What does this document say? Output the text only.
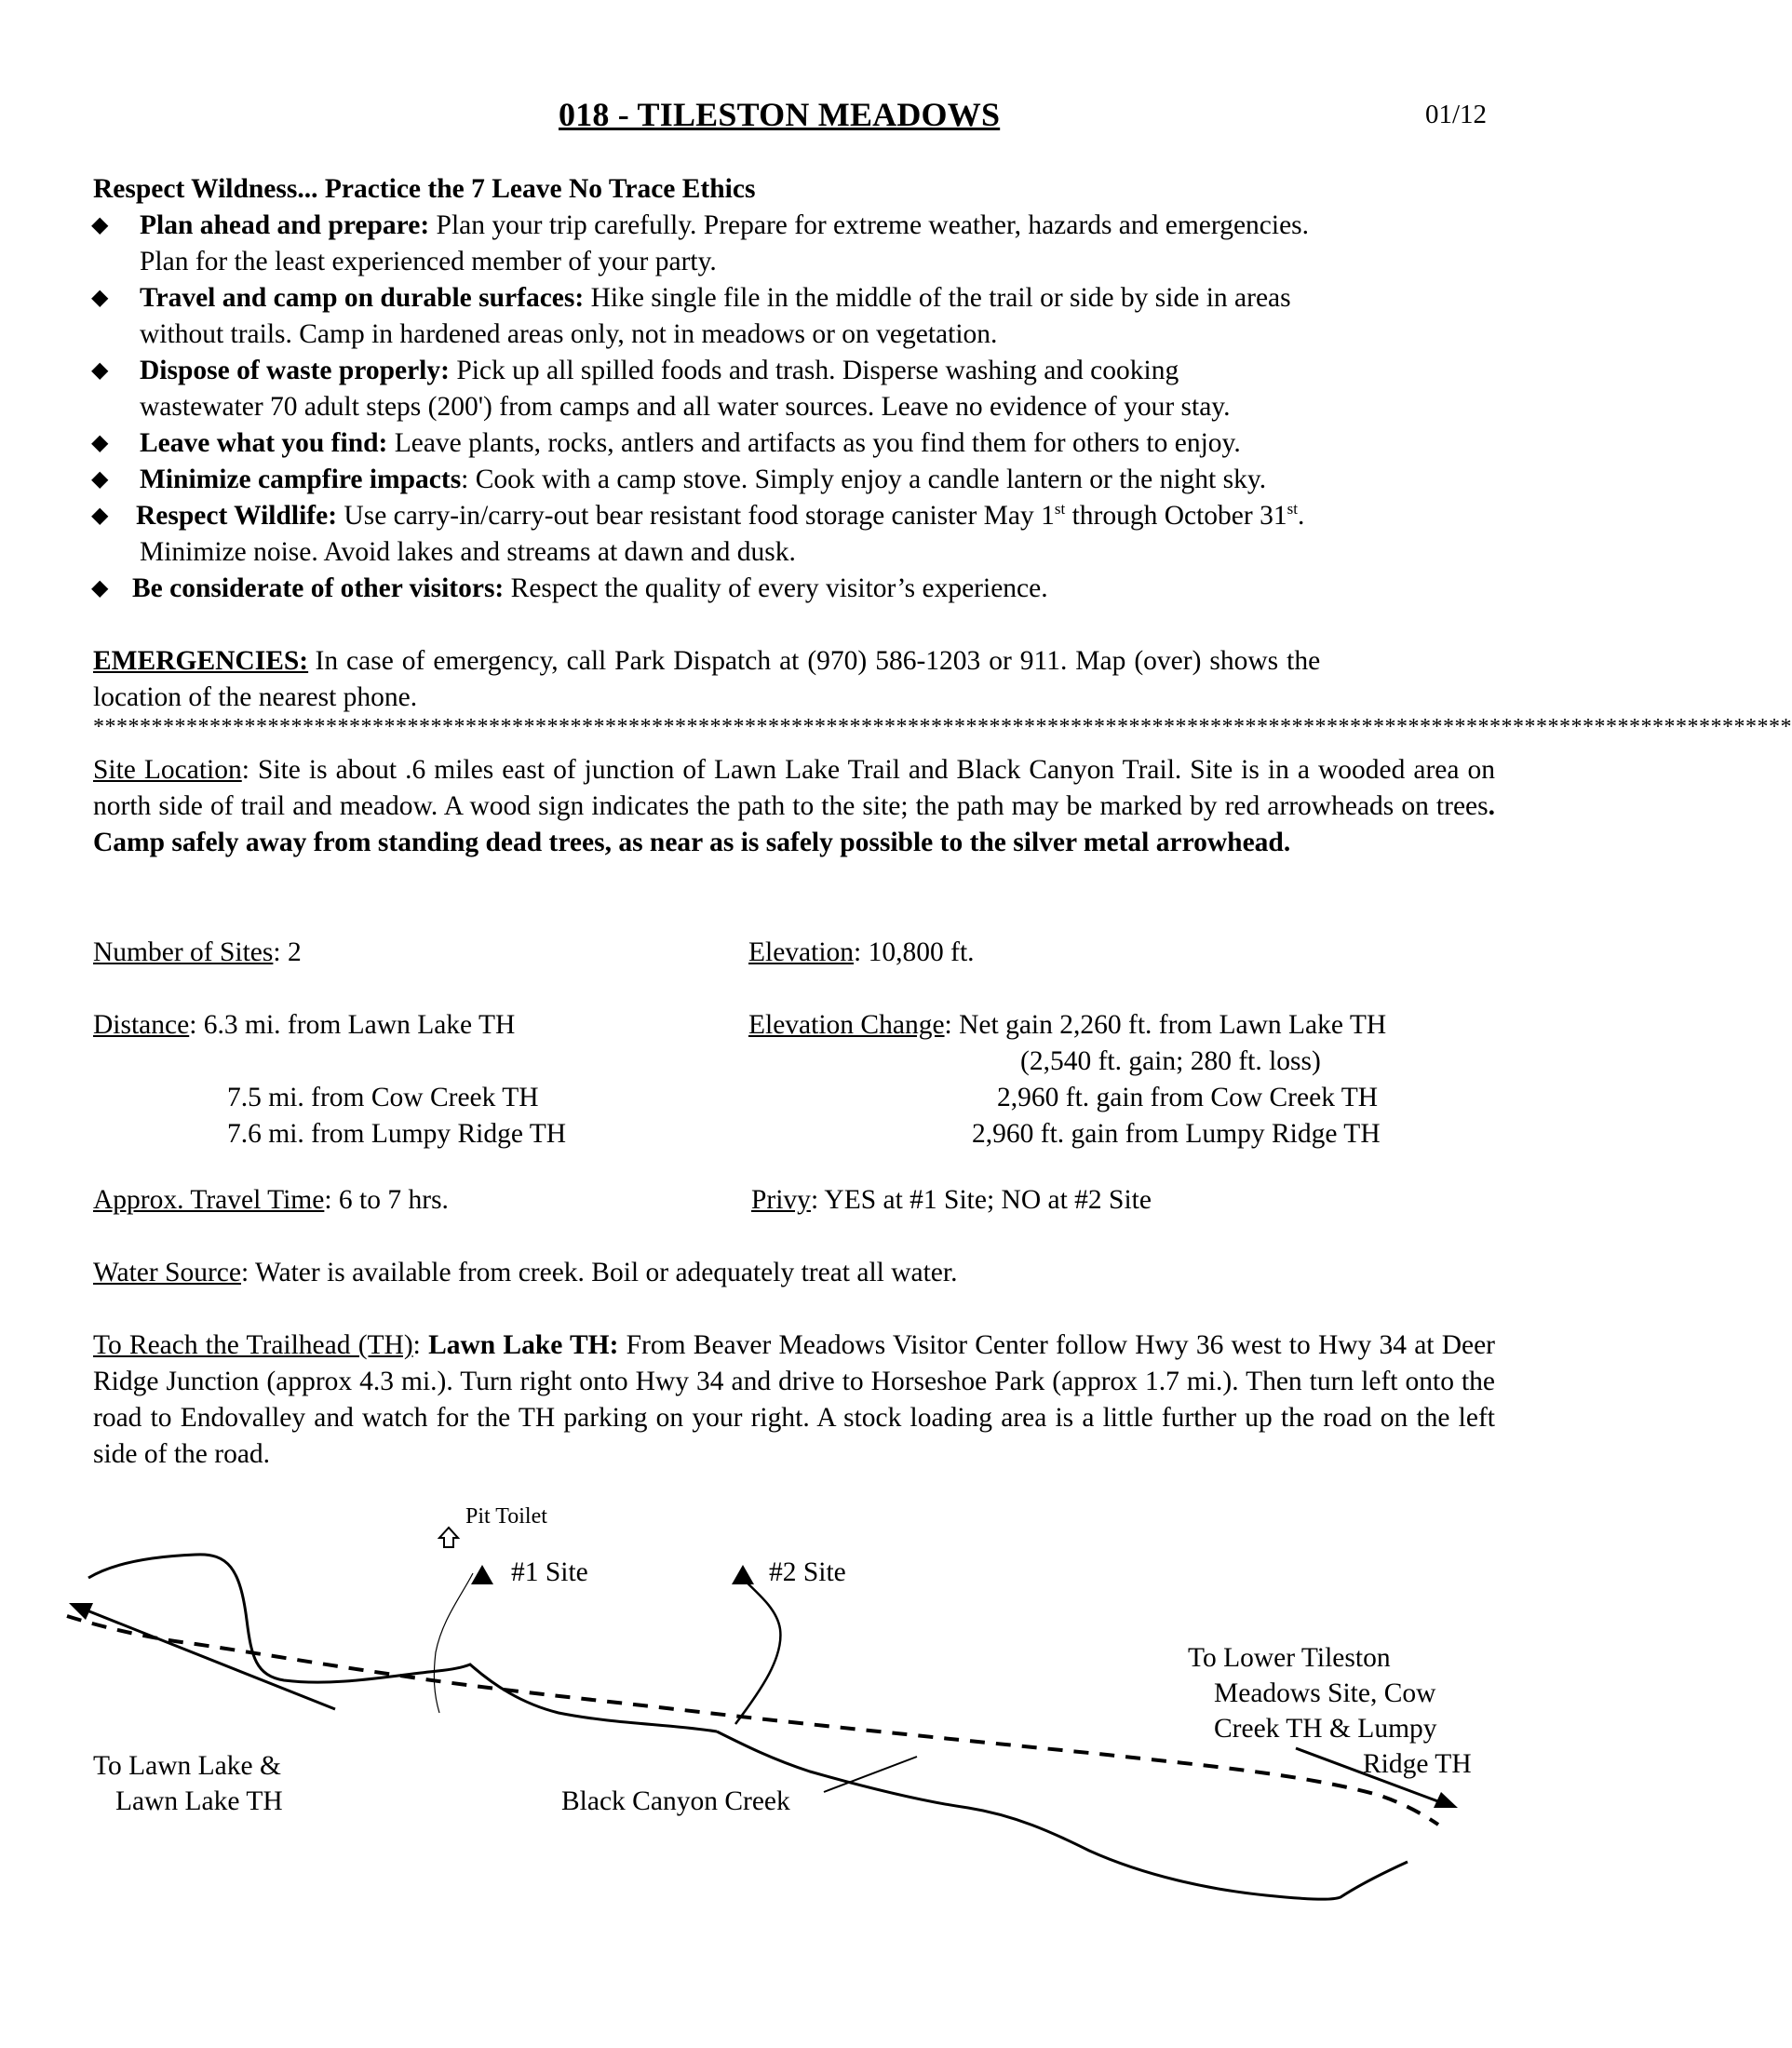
018 - TILESTON MEADOWS	01/12
Respect Wildness... Practice the 7 Leave No Trace Ethics
◆ Plan ahead and prepare: Plan your trip carefully. Prepare for extreme weather, hazards and emergencies.
Plan for the least experienced member of your party.
◆ Travel and camp on durable surfaces: Hike single file in the middle of the trail or side by side in areas
without trails. Camp in hardened areas only, not in meadows or on vegetation.
◆ Dispose of waste properly: Pick up all spilled foods and trash. Disperse washing and cooking
wastewater 70 adult steps (200') from camps and all water sources. Leave no evidence of your stay.
◆ Leave what you find: Leave plants, rocks, antlers and artifacts as you find them for others to enjoy.
◆ Minimize campfire impacts: Cook with a camp stove. Simply enjoy a candle lantern or the night sky.
◆ Respect Wildlife: Use carry-in/carry-out bear resistant food storage canister May 1st through October 31st.
Minimize noise. Avoid lakes and streams at dawn and dusk.
◆ Be considerate of other visitors: Respect the quality of every visitor’s experience.
EMERGENCIES: In case of emergency, call Park Dispatch at (970) 586-1203 or 911. Map (over) shows the
location of the nearest phone.
**************************************************************************************************************************************************
Site Location: Site is about .6 miles east of junction of Lawn Lake Trail and Black Canyon Trail. Site is in a wooded area on north side of trail and meadow. A wood sign indicates the path to the site; the path may be marked by red arrowheads on trees. Camp safely away from standing dead trees, as near as is safely possible to the silver metal arrowhead.
Number of Sites: 2	Elevation: 10,800 ft.
Distance: 6.3 mi. from Lawn Lake TH
7.5 mi. from Cow Creek TH
7.6 mi. from Lumpy Ridge TH
Elevation Change: Net gain 2,260 ft. from Lawn Lake TH
(2,540 ft. gain; 280 ft. loss)
2,960 ft. gain from Cow Creek TH
2,960 ft. gain from Lumpy Ridge TH
Approx. Travel Time: 6 to 7 hrs.	Privy: YES at #1 Site; NO at #2 Site
Water Source: Water is available from creek. Boil or adequately treat all water.
To Reach the Trailhead (TH): Lawn Lake TH: From Beaver Meadows Visitor Center follow Hwy 36 west to Hwy 34 at Deer Ridge Junction (approx 4.3 mi.). Turn right onto Hwy 34 and drive to Horseshoe Park (approx 1.7 mi.). Then turn left onto the road to Endovalley and watch for the TH parking on your right. A stock loading area is a little further up the road on the left side of the road.
Pit Toilet
#1 Site	#2 Site
To Lawn Lake &
Lawn Lake TH	Black Canyon Creek
To Lower Tileston
Meadows Site, Cow
Creek TH & Lumpy
Ridge TH
